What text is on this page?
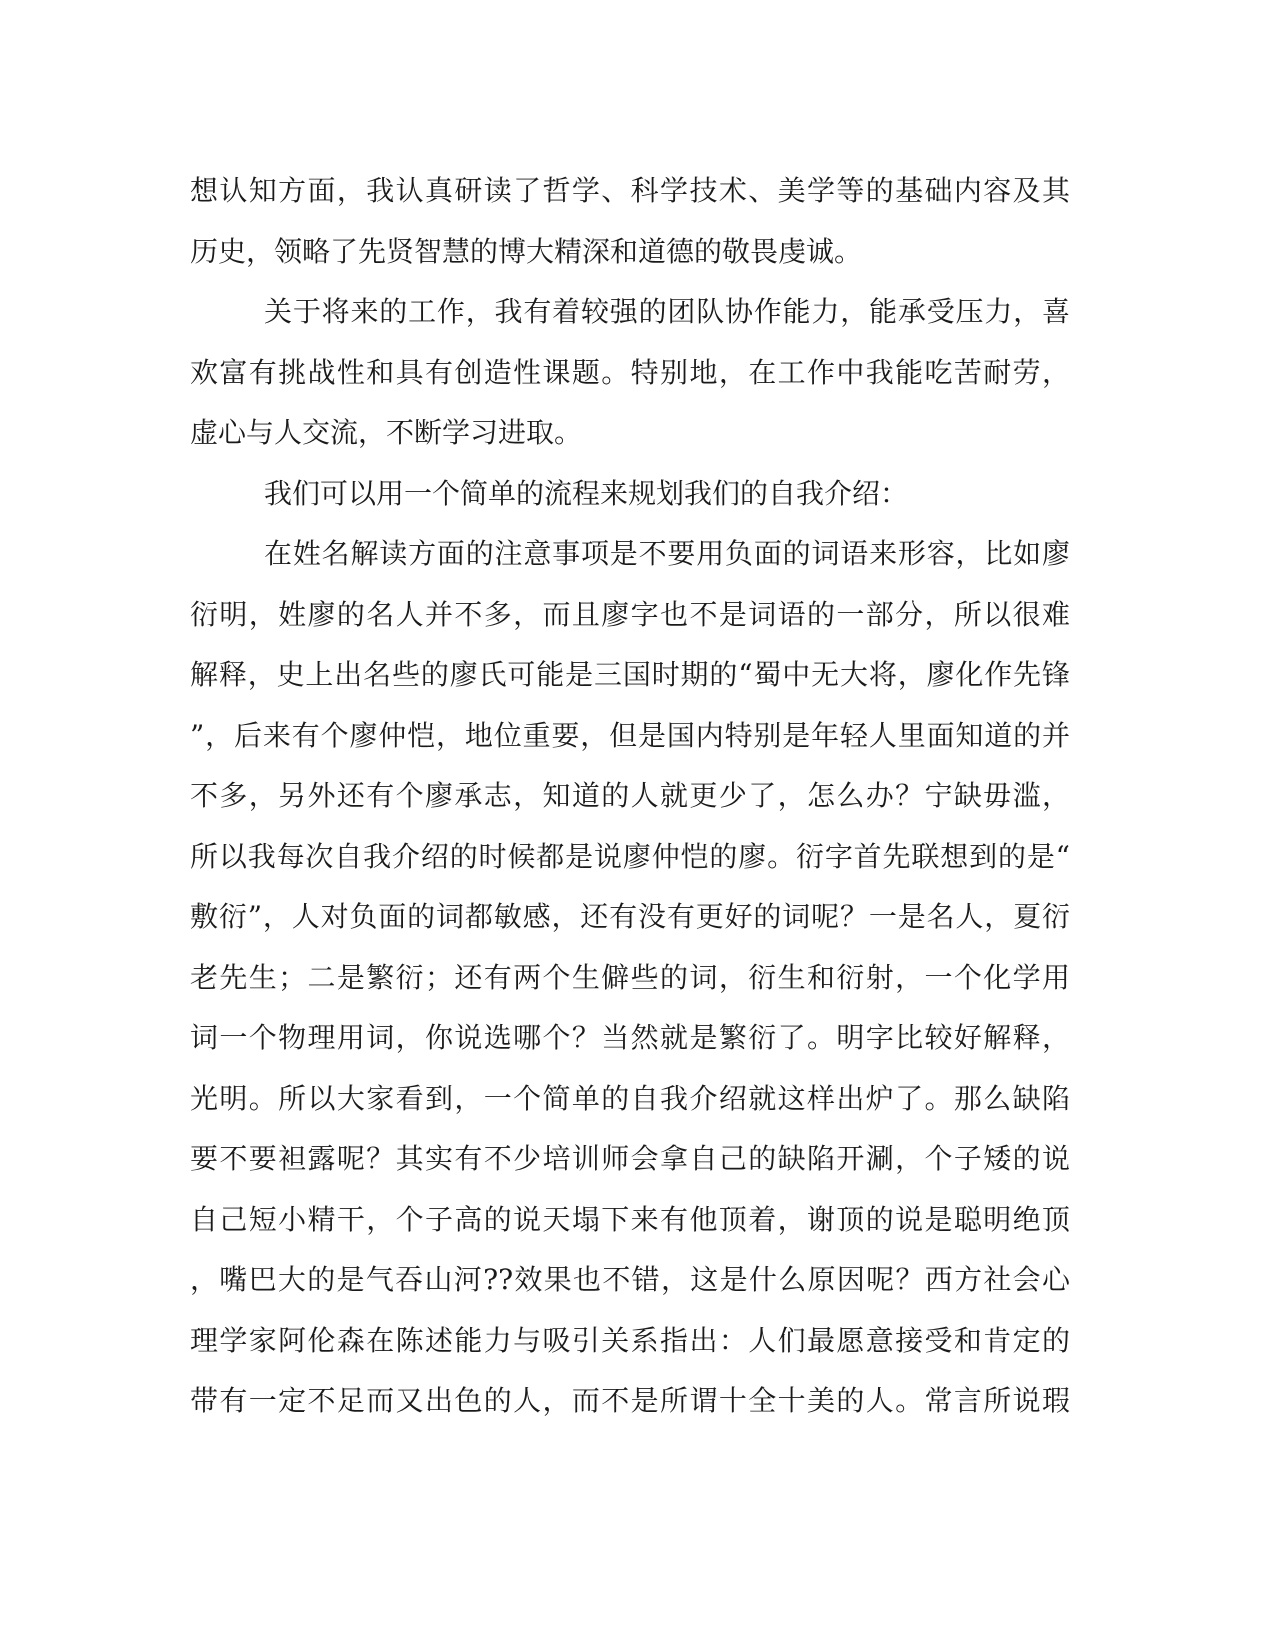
想认知方面，我认真研读了哲学、科学技术、美学等的基础内容及其
历史，领略了先贤智慧的博大精深和道德的敬畏虔诚。
关于将来的工作，我有着较强的团队协作能力，能承受压力，喜
欢富有挑战性和具有创造性课题。特别地，在工作中我能吃苦耐劳，
虚心与人交流，不断学习进取。
我们可以用一个简单的流程来规划我们的自我介绍：
在姓名解读方面的注意事项是不要用负面的词语来形容，比如廖
衍明，姓廖的名人并不多，而且廖字也不是词语的一部分，所以很难
解释，史上出名些的廖氏可能是三国时期的“蜀中无大将，廖化作先锋
”，后来有个廖仲恺，地位重要，但是国内特别是年轻人里面知道的并
不多，另外还有个廖承志，知道的人就更少了，怎么办？宁缺毋滥，
所以我每次自我介绍的时候都是说廖仲恺的廖。衍字首先联想到的是“
敷衍”，人对负面的词都敏感，还有没有更好的词呢？一是名人，夏衍
老先生；二是繁衍；还有两个生僻些的词，衍生和衍射，一个化学用
词一个物理用词，你说选哪个？当然就是繁衍了。明字比较好解释，
光明。所以大家看到，一个简单的自我介绍就这样出炉了。那么缺陷
要不要袒露呢？其实有不少培训师会拿自己的缺陷开涮，个子矮的说
自己短小精干，个子高的说天塌下来有他顶着，谢顶的说是聪明绝顶
，嘴巴大的是气吞山河??效果也不错，这是什么原因呢？西方社会心
理学家阿伦森在陈述能力与吸引关系指出：人们最愿意接受和肯定的
带有一定不足而又出色的人，而不是所谓十全十美的人。常言所说瑕
